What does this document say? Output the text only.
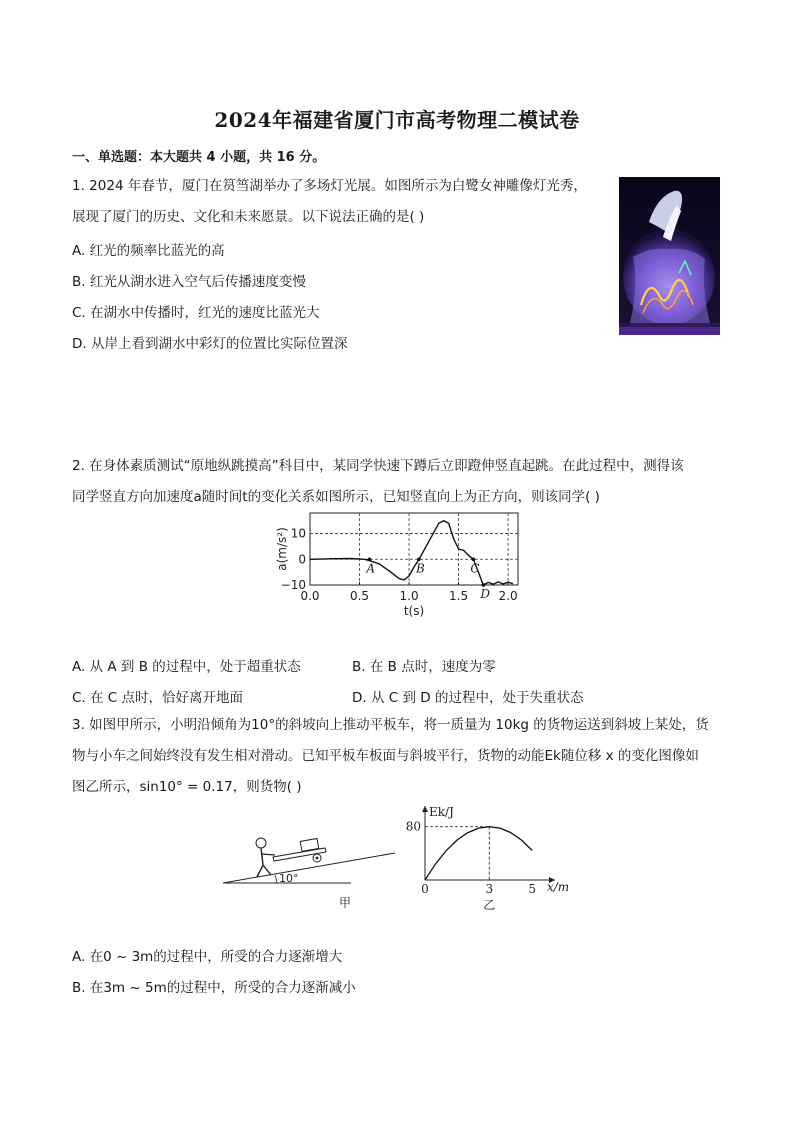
2024年福建省厦门市高考物理二模试卷
一、单选题：本大题共 4 小题，共 16 分。
1. 2024 年春节，厦门在筼筜湖举办了多场灯光展。如图所示为白鹭女神雕像灯光秀，
展现了厦门的历史、文化和未来愿景。以下说法正确的是( )
A. 红光的频率比蓝光的高
B. 红光从湖水进入空气后传播速度变慢
C. 在湖水中传播时，红光的速度比蓝光大
D. 从岸上看到湖水中彩灯的位置比实际位置深
2. 在身体素质测试“原地纵跳摸高”科目中，某同学快速下蹲后立即蹬伸竖直起跳。在此过程中，测得该
同学竖直方向加速度a随时间t的变化关系如图所示，已知竖直向上为正方向，则该同学( )
0.0	0.5	1.0	1.5	2.0
10
0
−10
A	B	C
D
t(s)
a(m/s²)
A. 从 A 到 B 的过程中，处于超重状态	B. 在 B 点时，速度为零
C. 在 C 点时，恰好离开地面	D. 从 C 到 D 的过程中，处于失重状态
3. 如图甲所示，小明沿倾角为10°的斜坡向上推动平板车，将一质量为 10kg 的货物运送到斜坡上某处，货
物与小车之间始终没有发生相对滑动。已知平板车板面与斜坡平行，货物的动能Ek随位移 x 的变化图像如
图乙所示，sin10° = 0.17，则货物( )
10°
甲
80
0	3	5
Ek/J
x/m
乙
A. 在0 ~ 3m的过程中，所受的合力逐渐增大
B. 在3m ~ 5m的过程中，所受的合力逐渐减小
